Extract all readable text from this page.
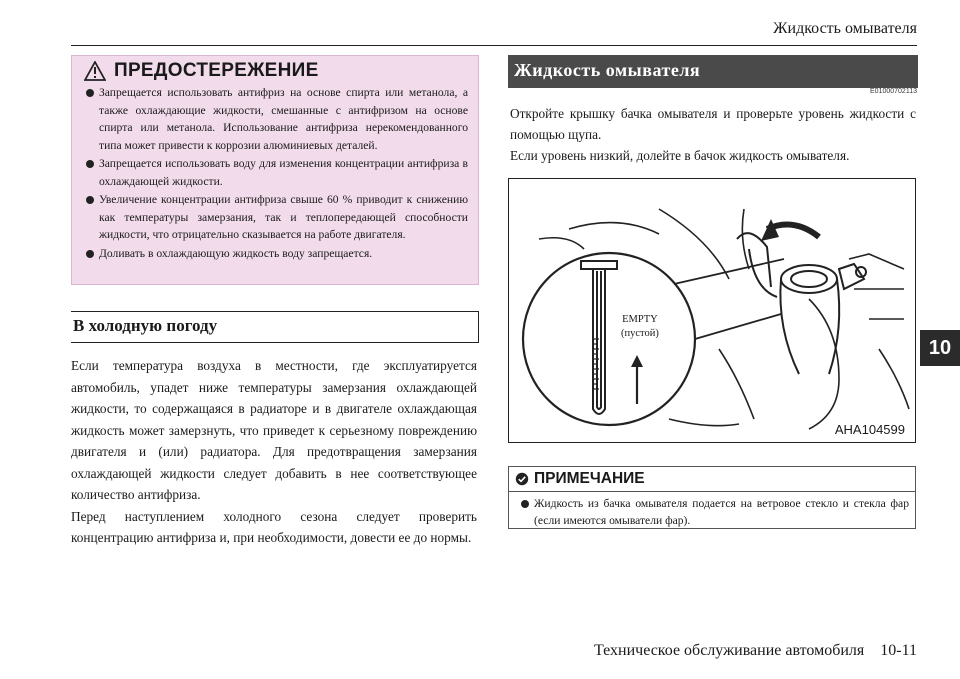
Жидкость омывателя
10
ПРЕДОСТЕРЕЖЕНИЕ
Запрещается использовать антифриз на основе спирта или метанола, а также охлаждающие жидкости, смешанные с антифризом на основе спирта или метанола. Использование антифриза нерекомендованного типа может привести к коррозии алюминиевых деталей.
Запрещается использовать воду для изменения концентрации антифриза в охлаждающей жидкости.
Увеличение концентрации антифриза свыше 60 % приводит к снижению как температуры замерзания, так и теплопередающей способности жидкости, что отрицательно сказывается на работе двигателя.
Доливать в охлаждающую жидкость воду запрещается.
В холодную погоду

Если температура воздуха в местности, где эксплуатируется автомобиль, упадет ниже температуры замерзания охлаждающей жидкости, то содержащаяся в радиаторе и в двигателе охлаждающая жидкость может замерзнуть, что приведет к серьезному повреждению двигателя и (или) радиатора. Для предотвращения замерзания охлаждающей жидкости следует добавить в нее соответствующее количество антифриза.

Перед наступлением холодного сезона следует проверить концентрацию антифриза и, при необходимости, довести ее до нормы.

Жидкость омывателя
E01000702113

Откройте крышку бачка омывателя и проверьте уровень жидкости с помощью щупа.

Если уровень низкий, долейте в бачок жидкость омывателя.

EMPTY
(пустой)
AHA104599
ПРИМЕЧАНИЕ
Жидкость из бачка омывателя подается на ветровое стекло и стекла фар (если имеются омыватели фар).
Техническое обслуживание автомобиля    10-11
